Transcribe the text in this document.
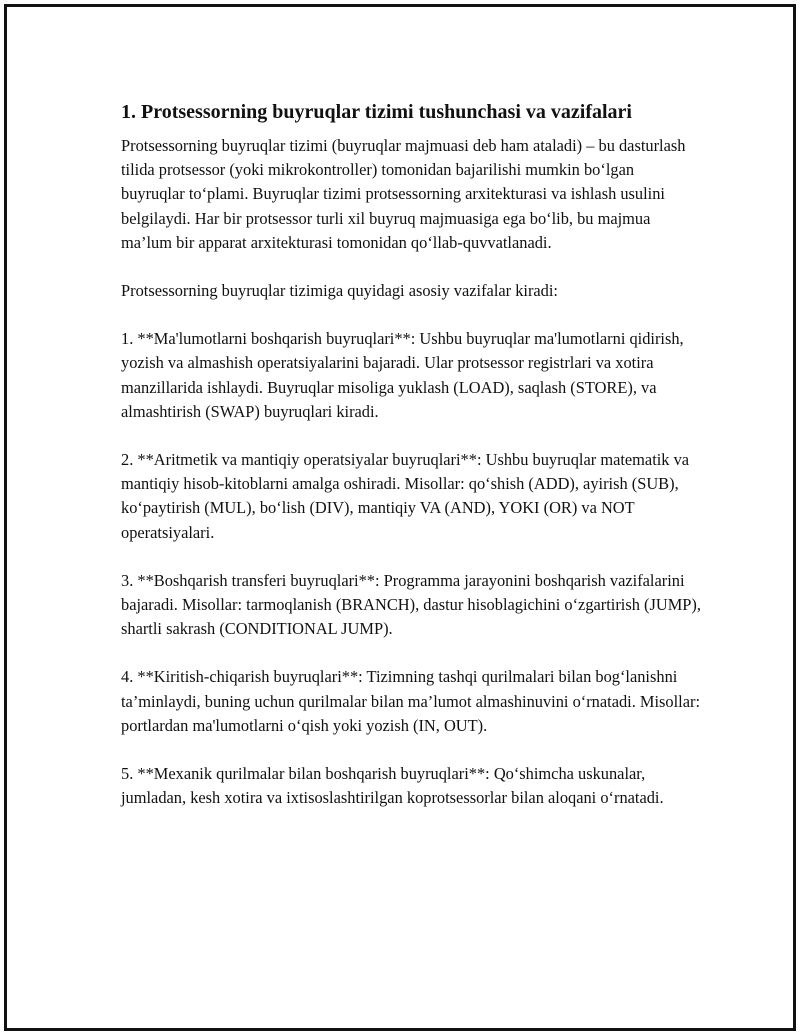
1. Protsessorning buyruqlar tizimi tushunchasi va vazifalari

Protsessorning buyruqlar tizimi (buyruqlar majmuasi deb ham ataladi) – bu dasturlash tilida protsessor (yoki mikrokontroller) tomonidan bajarilishi mumkin bo‘lgan buyruqlar to‘plami. Buyruqlar tizimi protsessorning arxitekturasi va ishlash usulini belgilaydi. Har bir protsessor turli xil buyruq majmuasiga ega bo‘lib, bu majmua ma’lum bir apparat arxitekturasi tomonidan qo‘llab-quvvatlanadi.

Protsessorning buyruqlar tizimiga quyidagi asosiy vazifalar kiradi:

1. **Ma'lumotlarni boshqarish buyruqlari**: Ushbu buyruqlar ma'lumotlarni qidirish, yozish va almashish operatsiyalarini bajaradi. Ular protsessor registrlari va xotira manzillarida ishlaydi. Buyruqlar misoliga yuklash (LOAD), saqlash (STORE), va almashtirish (SWAP) buyruqlari kiradi.

2. **Aritmetik va mantiqiy operatsiyalar buyruqlari**: Ushbu buyruqlar matematik va mantiqiy hisob-kitoblarni amalga oshiradi. Misollar: qo‘shish (ADD), ayirish (SUB), ko‘paytirish (MUL), bo‘lish (DIV), mantiqiy VA (AND), YOKI (OR) va NOT operatsiyalari.

3. **Boshqarish transferi buyruqlari**: Programma jarayonini boshqarish vazifalarini bajaradi. Misollar: tarmoqlanish (BRANCH), dastur hisoblagichini o‘zgartirish (JUMP), shartli sakrash (CONDITIONAL JUMP).

4. **Kiritish-chiqarish buyruqlari**: Tizimning tashqi qurilmalari bilan bog‘lanishni ta’minlaydi, buning uchun qurilmalar bilan ma’lumot almashinuvini o‘rnatadi. Misollar: portlardan ma'lumotlarni o‘qish yoki yozish (IN, OUT).

5. **Mexanik qurilmalar bilan boshqarish buyruqlari**: Qo‘shimcha uskunalar, jumladan, kesh xotira va ixtisoslashtirilgan koprotsessorlar bilan aloqani o‘rnatadi.
